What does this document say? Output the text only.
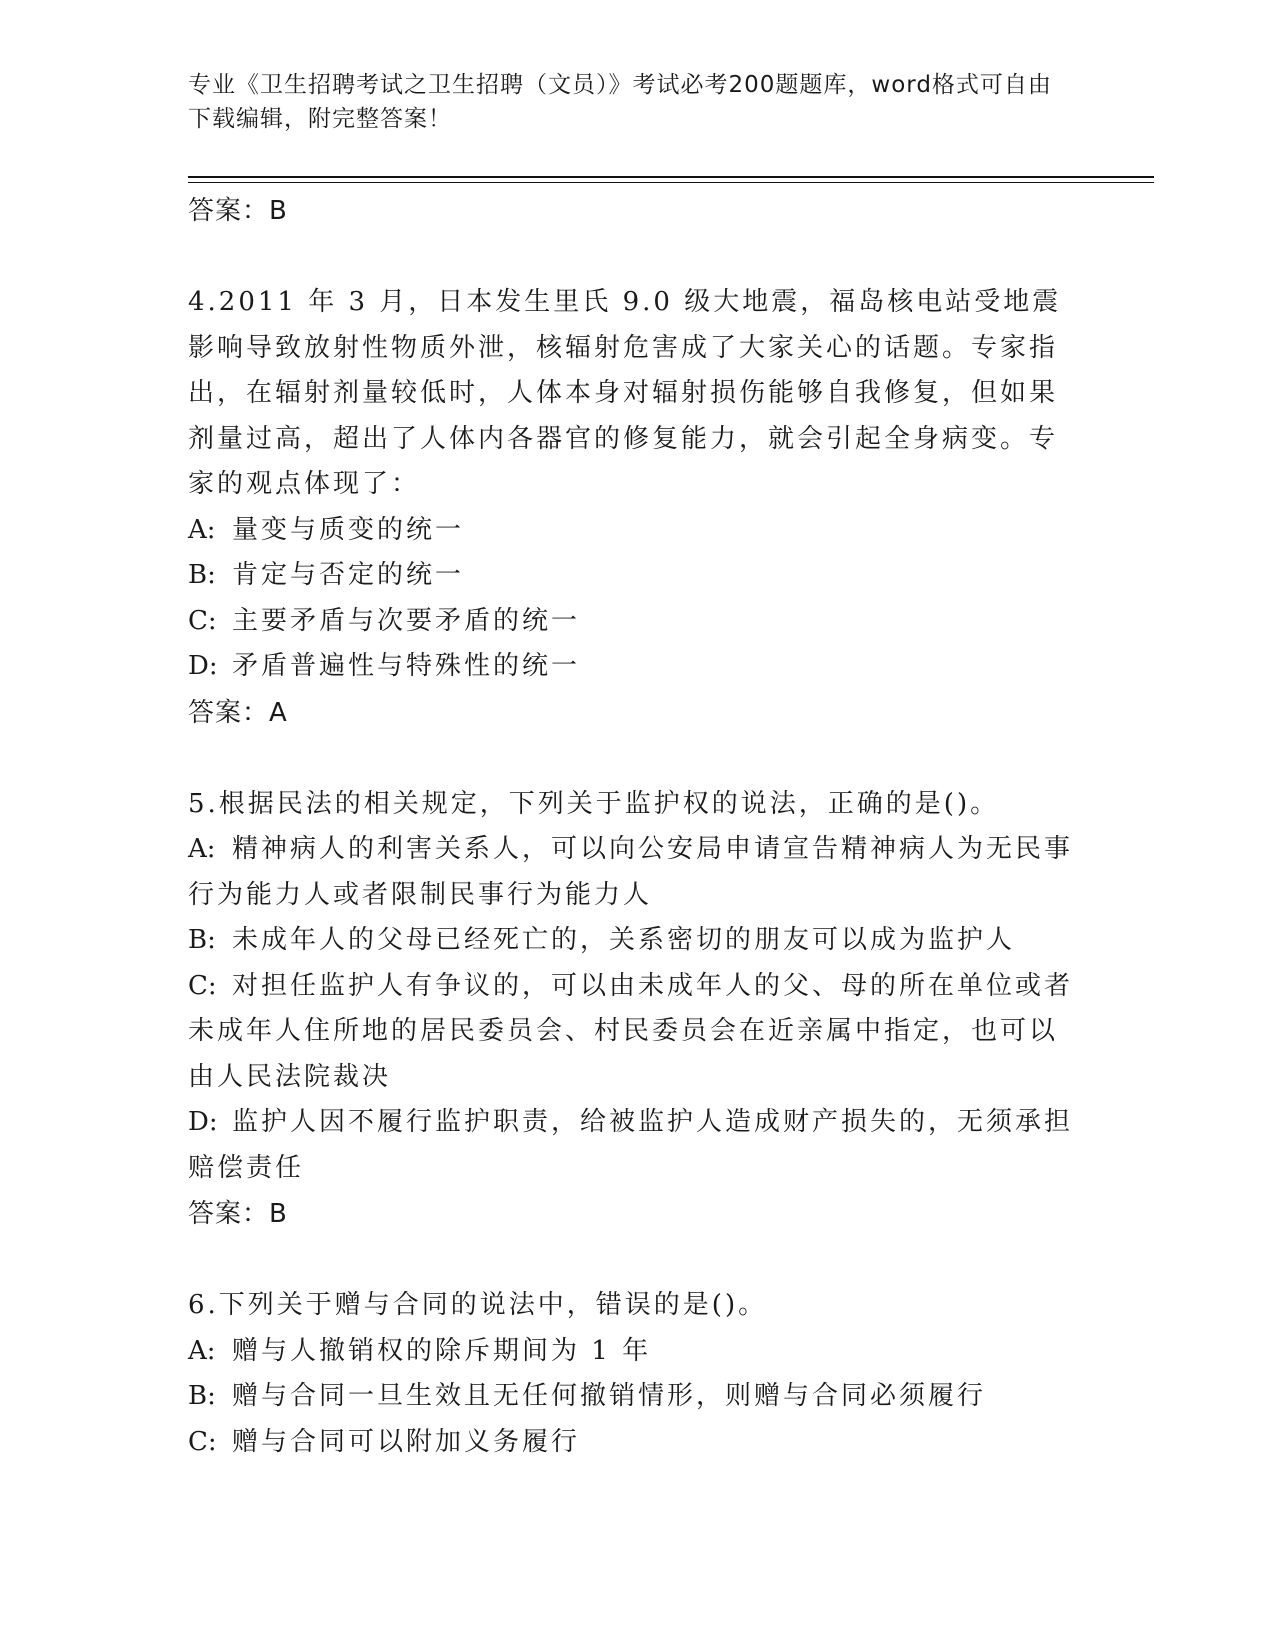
专业《卫生招聘考试之卫生招聘（文员）》考试必考200题题库，word格式可自由下载编辑，附完整答案！

答案：B

4.2011 年 3 月，日本发生里氏 9.0 级大地震，福岛核电站受地震影响导致放射性物质外泄，核辐射危害成了大家关心的话题。专家指出，在辐射剂量较低时，人体本身对辐射损伤能够自我修复，但如果剂量过高，超出了人体内各器官的修复能力，就会引起全身病变。专家的观点体现了：

A: 量变与质变的统一

B: 肯定与否定的统一

C: 主要矛盾与次要矛盾的统一

D: 矛盾普遍性与特殊性的统一

答案：A

5.根据民法的相关规定，下列关于监护权的说法，正确的是()。

A: 精神病人的利害关系人，可以向公安局申请宣告精神病人为无民事行为能力人或者限制民事行为能力人

B: 未成年人的父母已经死亡的，关系密切的朋友可以成为监护人

C: 对担任监护人有争议的，可以由未成年人的父、母的所在单位或者未成年人住所地的居民委员会、村民委员会在近亲属中指定，也可以由人民法院裁决

D: 监护人因不履行监护职责，给被监护人造成财产损失的，无须承担赔偿责任

答案：B

6.下列关于赠与合同的说法中，错误的是()。

A: 赠与人撤销权的除斥期间为 1 年

B: 赠与合同一旦生效且无任何撤销情形，则赠与合同必须履行

C: 赠与合同可以附加义务履行
